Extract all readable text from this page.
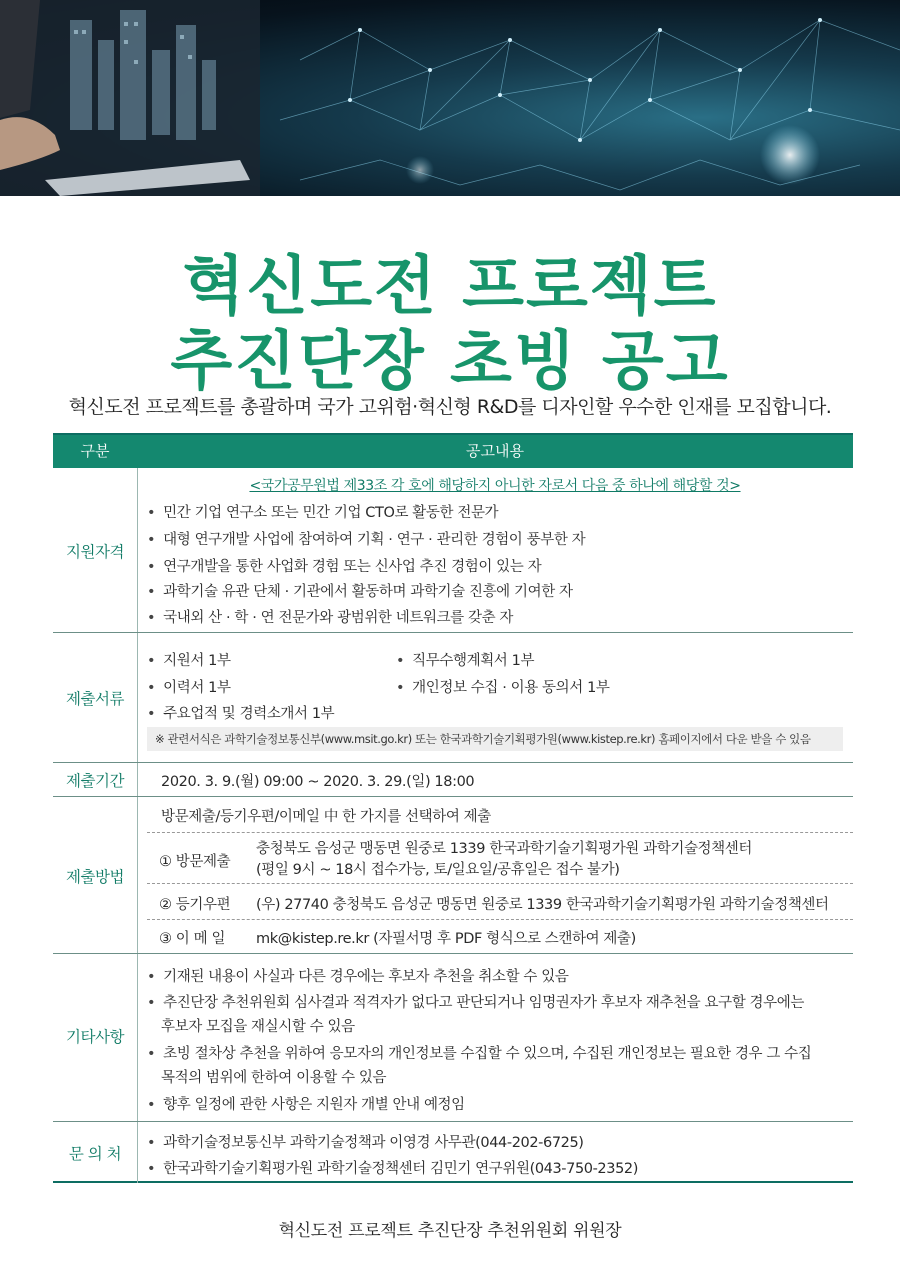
혁신도전 프로젝트
추진단장 초빙 공고
혁신도전 프로젝트를 총괄하며 국가 고위험·혁신형 R&D를 디자인할 우수한 인재를 모집합니다.
구분	공고내용
지원자격
<국가공무원법 제33조 각 호에 해당하지 아니한 자로서 다음 중 하나에 해당할 것>
• 민간 기업 연구소 또는 민간 기업 CTO로 활동한 전문가
• 대형 연구개발 사업에 참여하여 기획 · 연구 · 관리한 경험이 풍부한 자
• 연구개발을 통한 사업화 경험 또는 신사업 추진 경험이 있는 자
• 과학기술 유관 단체 · 기관에서 활동하며 과학기술 진흥에 기여한 자
• 국내외 산 · 학 · 연 전문가와 광범위한 네트워크를 갖춘 자
제출서류
• 지원서 1부
• 이력서 1부
• 주요업적 및 경력소개서 1부
• 직무수행계획서 1부
• 개인정보 수집 · 이용 동의서 1부
※ 관련서식은 과학기술정보통신부(www.msit.go.kr) 또는 한국과학기술기획평가원(www.kistep.re.kr) 홈페이지에서 다운 받을 수 있음
제출기간	2020. 3. 9.(월) 09:00 ~ 2020. 3. 29.(일) 18:00
제출방법
방문제출/등기우편/이메일 中 한 가지를 선택하여 제출
① 방문제출
충청북도 음성군 맹동면 원중로 1339 한국과학기술기획평가원 과학기술정책센터
(평일 9시 ~ 18시 접수가능, 토/일요일/공휴일은 접수 불가)
② 등기우편 (우) 27740 충청북도 음성군 맹동면 원중로 1339 한국과학기술기획평가원 과학기술정책센터
③ 이 메 일 mk@kistep.re.kr (자필서명 후 PDF 형식으로 스캔하여 제출)
기타사항
• 기재된 내용이 사실과 다른 경우에는 후보자 추천을 취소할 수 있음
• 추진단장 추천위원회 심사결과 적격자가 없다고 판단되거나 임명권자가 후보자 재추천을 요구할 경우에는
후보자 모집을 재실시할 수 있음
• 초빙 절차상 추천을 위하여 응모자의 개인정보를 수집할 수 있으며, 수집된 개인정보는 필요한 경우 그 수집
목적의 범위에 한하여 이용할 수 있음
• 향후 일정에 관한 사항은 지원자 개별 안내 예정임
문 의 처
• 과학기술정보통신부 과학기술정책과 이영경 사무관(044-202-6725)
• 한국과학기술기획평가원 과학기술정책센터 김민기 연구위원(043-750-2352)
혁신도전 프로젝트 추진단장 추천위원회 위원장
